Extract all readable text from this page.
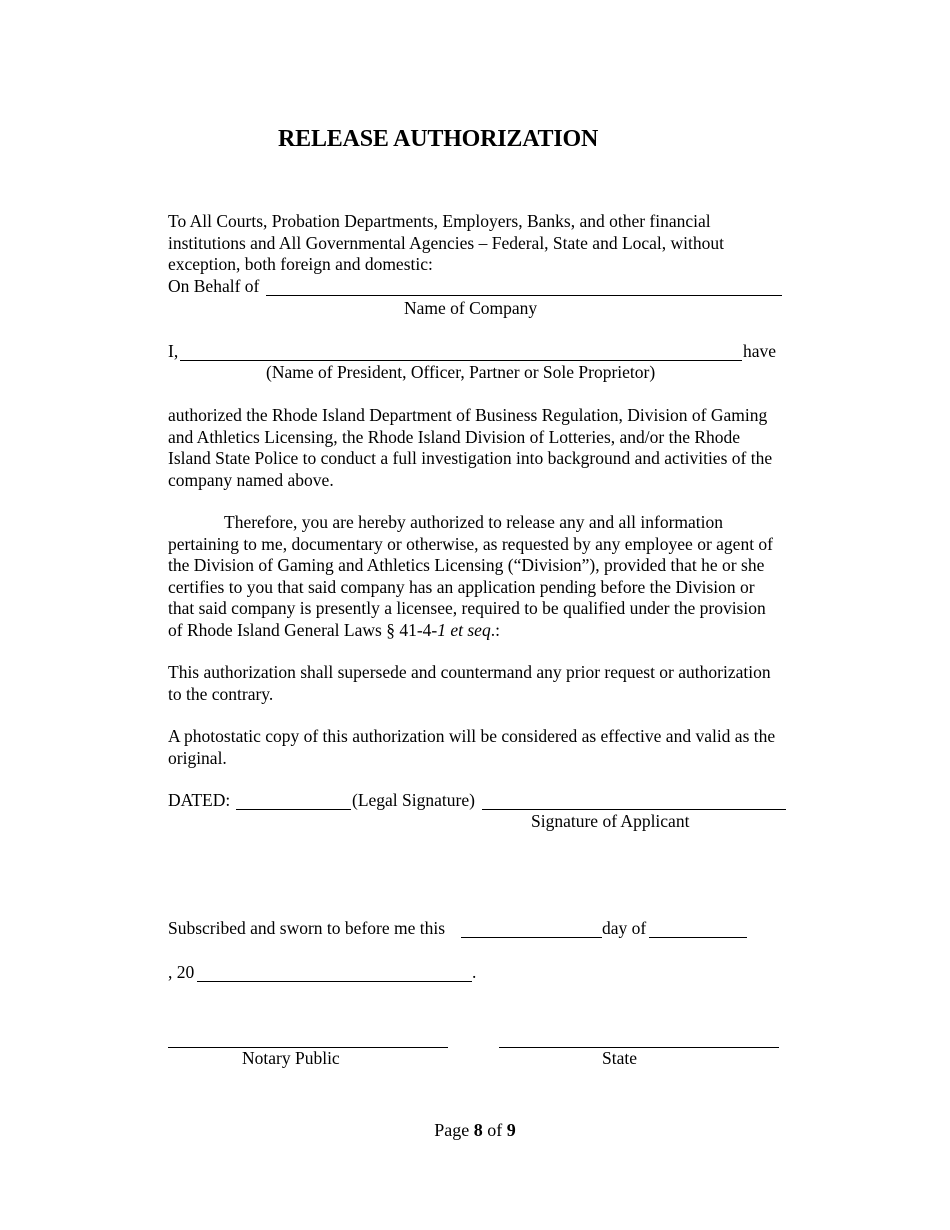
RELEASE AUTHORIZATION
To All Courts, Probation Departments, Employers, Banks, and other financial institutions and All Governmental Agencies – Federal, State and Local, without exception, both foreign and domestic:
On Behalf of
Name of Company
I,	have
(Name of President, Officer, Partner or Sole Proprietor)
authorized the Rhode Island Department of Business Regulation, Division of Gaming and Athletics Licensing, the Rhode Island Division of Lotteries, and/or the Rhode Island State Police to conduct a full investigation into background and activities of the company named above.
Therefore, you are hereby authorized to release any and all information pertaining to me, documentary or otherwise, as requested by any employee or agent of the Division of Gaming and Athletics Licensing (“Division”), provided that he or she certifies to you that said company has an application pending before the Division or that said company is presently a licensee, required to be qualified under the provision of Rhode Island General Laws § 41-4-1 et seq.:
This authorization shall supersede and countermand any prior request or authorization to the contrary.
A photostatic copy of this authorization will be considered as effective and valid as the original.
DATED:	(Legal Signature)
Signature of Applicant
Subscribed and sworn to before me this	day of
, 20	.
Notary Public	State
Page 8 of 9
